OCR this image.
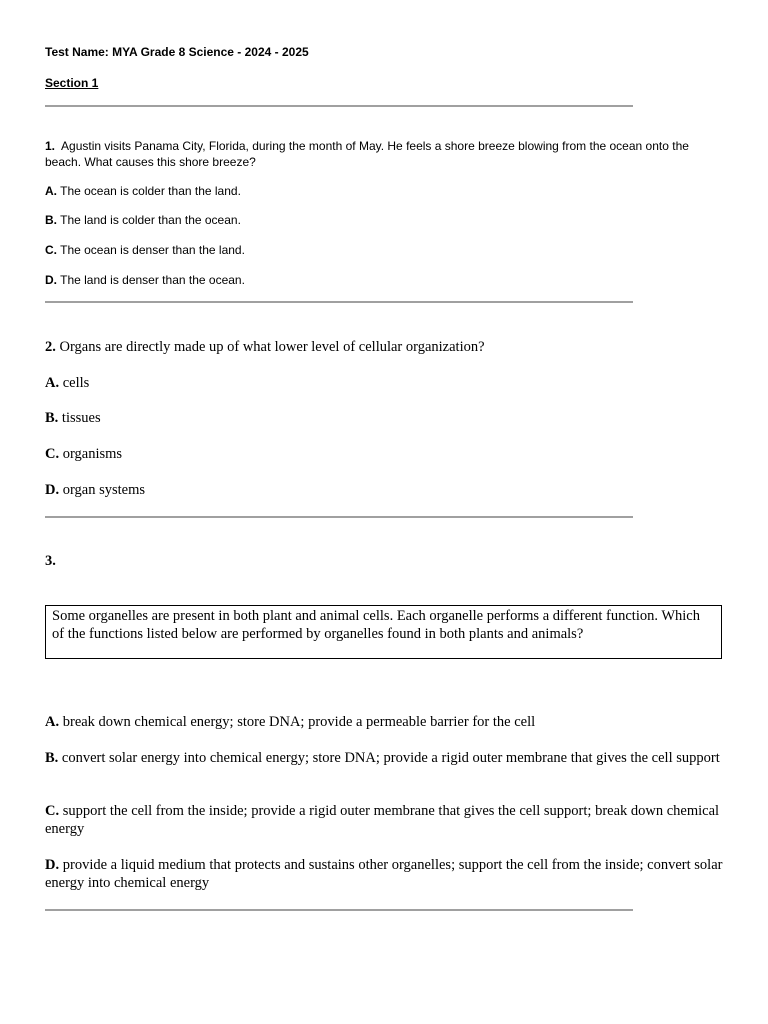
Test Name: MYA Grade 8 Science - 2024 - 2025
Section 1
1. Agustin visits Panama City, Florida, during the month of May. He feels a shore breeze blowing from the ocean onto the beach. What causes this shore breeze?
A. The ocean is colder than the land.
B. The land is colder than the ocean.
C. The ocean is denser than the land.
D. The land is denser than the ocean.
2. Organs are directly made up of what lower level of cellular organization?
A. cells
B. tissues
C. organisms
D. organ systems
3.
Some organelles are present in both plant and animal cells. Each organelle performs a different function. Which of the functions listed below are performed by organelles found in both plants and animals?
A. break down chemical energy; store DNA; provide a permeable barrier for the cell
B. convert solar energy into chemical energy; store DNA; provide a rigid outer membrane that gives the cell support
C. support the cell from the inside; provide a rigid outer membrane that gives the cell support; break down chemical energy
D. provide a liquid medium that protects and sustains other organelles; support the cell from the inside; convert solar energy into chemical energy
